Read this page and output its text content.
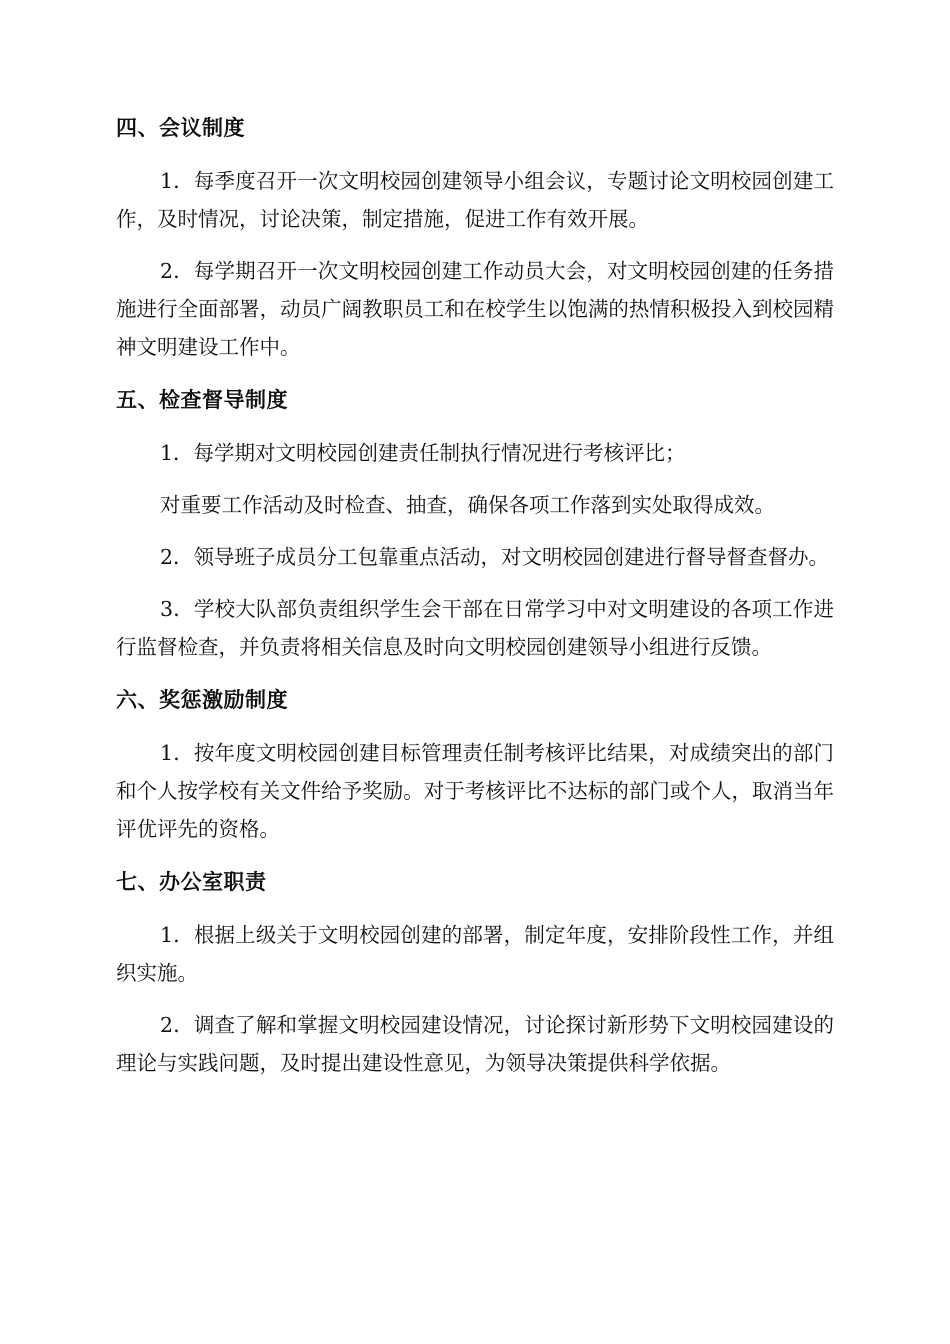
四、会议制度

1．每季度召开一次文明校园创建领导小组会议，专题讨论文明校园创建工作，及时情况，讨论决策，制定措施，促进工作有效开展。

2．每学期召开一次文明校园创建工作动员大会，对文明校园创建的任务措施进行全面部署，动员广阔教职员工和在校学生以饱满的热情积极投入到校园精神文明建设工作中。

五、检查督导制度

1．每学期对文明校园创建责任制执行情况进行考核评比；

对重要工作活动及时检查、抽查，确保各项工作落到实处取得成效。

2．领导班子成员分工包靠重点活动，对文明校园创建进行督导督查督办。

3．学校大队部负责组织学生会干部在日常学习中对文明建设的各项工作进行监督检查，并负责将相关信息及时向文明校园创建领导小组进行反馈。

六、奖惩激励制度

1．按年度文明校园创建目标管理责任制考核评比结果，对成绩突出的部门和个人按学校有关文件给予奖励。对于考核评比不达标的部门或个人，取消当年评优评先的资格。

七、办公室职责

1．根据上级关于文明校园创建的部署，制定年度，安排阶段性工作，并组织实施。

2．调查了解和掌握文明校园建设情况，讨论探讨新形势下文明校园建设的理论与实践问题，及时提出建设性意见，为领导决策提供科学依据。
